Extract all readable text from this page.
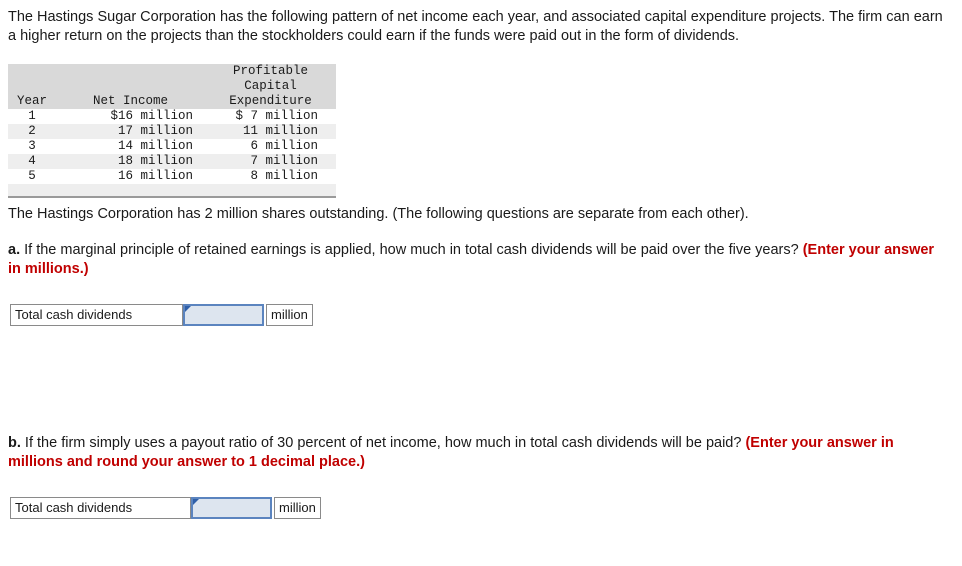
The Hastings Sugar Corporation has the following pattern of net income each year, and associated capital expenditure projects. The firm can earn a higher return on the projects than the stockholders could earn if the funds were paid out in the form of dividends.
Year	Net Income	Profitable Capital
Expenditure

1	$16 million	$ 7 million
2	17 million	11 million
3	14 million	6 million
4	18 million	7 million
5	16 million	8 million

The Hastings Corporation has 2 million shares outstanding. (The following questions are separate from each other).
a. If the marginal principle of retained earnings is applied, how much in total cash dividends will be paid over the five years? (Enter your answer in millions.)
Total cash dividends	million
b. If the firm simply uses a payout ratio of 30 percent of net income, how much in total cash dividends will be paid? (Enter your answer in millions and round your answer to 1 decimal place.)
Total cash dividends	million
